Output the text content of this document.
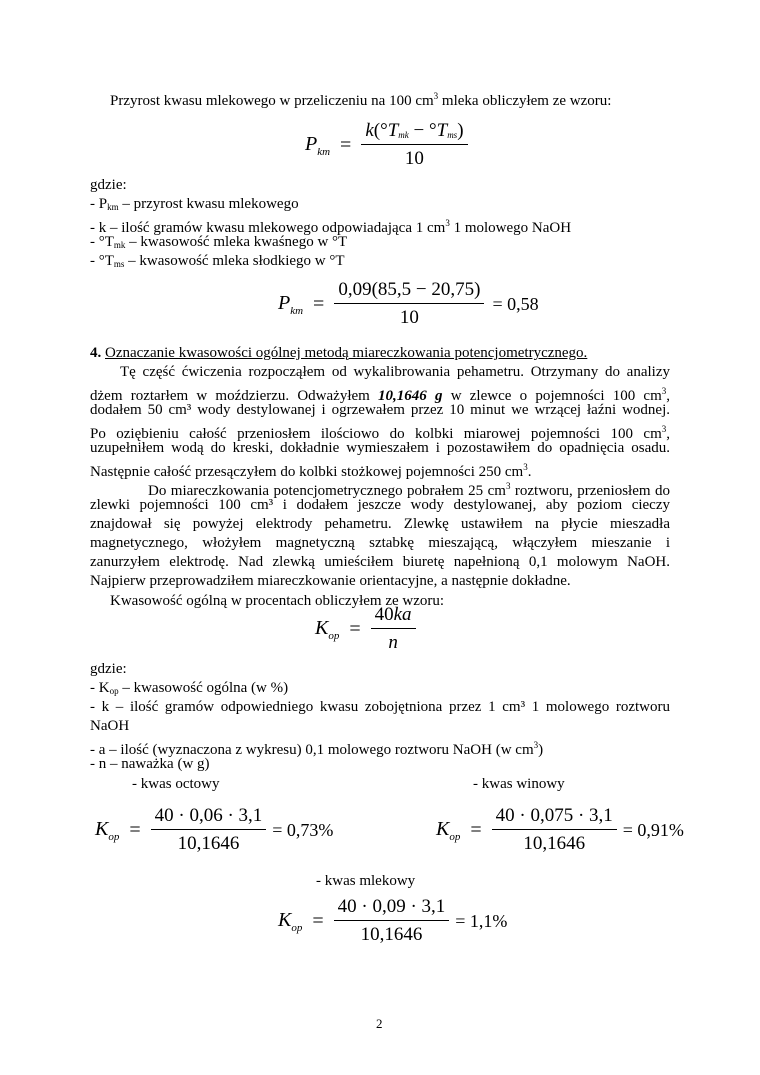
Przyrost kwasu mlekowego w przeliczeniu na 100 $cm^3$ mleka obliczyłem ze wzoru:
$P_{km} = \frac{k(^\circ T_{mk} - ^\circ T_{ms})}{10}$
gdzie:
- $P_{km}$ – przyrost kwasu mlekowego
- k – ilość gramów kwasu mlekowego odpowiadająca 1 $cm^3$ 1 molowego NaOH
- $^\circ T_{mk}$ – kwasowość mleka kwaśnego w °T
- $^\circ T_{ms}$ – kwasowość mleka słodkiego w °T
$P_{km} = \frac{0,09(85,5 - 20,75)}{10} = 0,58$
4. Oznaczanie kwasowości ogólnej metodą miareczkowania potencjometrycznego.
Tę część ćwiczenia rozpocząłem od wykalibrowania pehametru. Otrzymany do analizy
dżem roztarłem w moździerzu. Odważyłem 10,1646 g w zlewce o pojemności 100 $cm^3$,
dodałem 50 cm³ wody destylowanej i ogrzewałem przez 10 minut we wrzącej łaźni wodnej.
Po oziębieniu całość przeniosłem ilościowo do kolbki miarowej pojemności 100 $cm^3$,
uzupełniłem wodą do kreski, dokładnie wymieszałem i pozostawiłem do opadnięcia osadu.
Następnie całość przesączyłem do kolbki stożkowej pojemności 250 $cm^3$.
Do miareczkowania potencjometrycznego pobrałem 25 $cm^3$ roztworu, przeniosłem do
zlewki pojemności 100 cm³ i dodałem jeszcze wody destylowanej, aby poziom cieczy
znajdował się powyżej elektrody pehametru. Zlewkę ustawiłem na płycie mieszadła
magnetycznego, włożyłem magnetyczną sztabkę mieszającą, włączyłem mieszanie i
zanurzyłem elektrodę. Nad zlewką umieściłem biuretę napełnioną 0,1 molowym NaOH.
Najpierw przeprowadziłem miareczkowanie orientacyjne, a następnie dokładne.
Kwasowość ogólną w procentach obliczyłem ze wzoru:
$K_{op} = \frac{40ka}{n}$
gdzie:
- $K_{op}$ – kwasowość ogólna (w %)
- k – ilość gramów odpowiedniego kwasu zobojętniona przez 1 cm³ 1 molowego roztworu
NaOH
- a – ilość (wyznaczona z wykresu) 0,1 molowego roztworu NaOH (w $cm^3$)
- n – naważka (w g)
- kwas octowy	- kwas winowy
$K_{op} = \frac{40 \cdot 0,06 \cdot 3,1}{10,1646} = 0,73\%$	$K_{op} = \frac{40 \cdot 0,075 \cdot 3,1}{10,1646} = 0,91\%$
- kwas mlekowy
$K_{op} = \frac{40 \cdot 0,09 \cdot 3,1}{10,1646} = 1,1\%$
2
